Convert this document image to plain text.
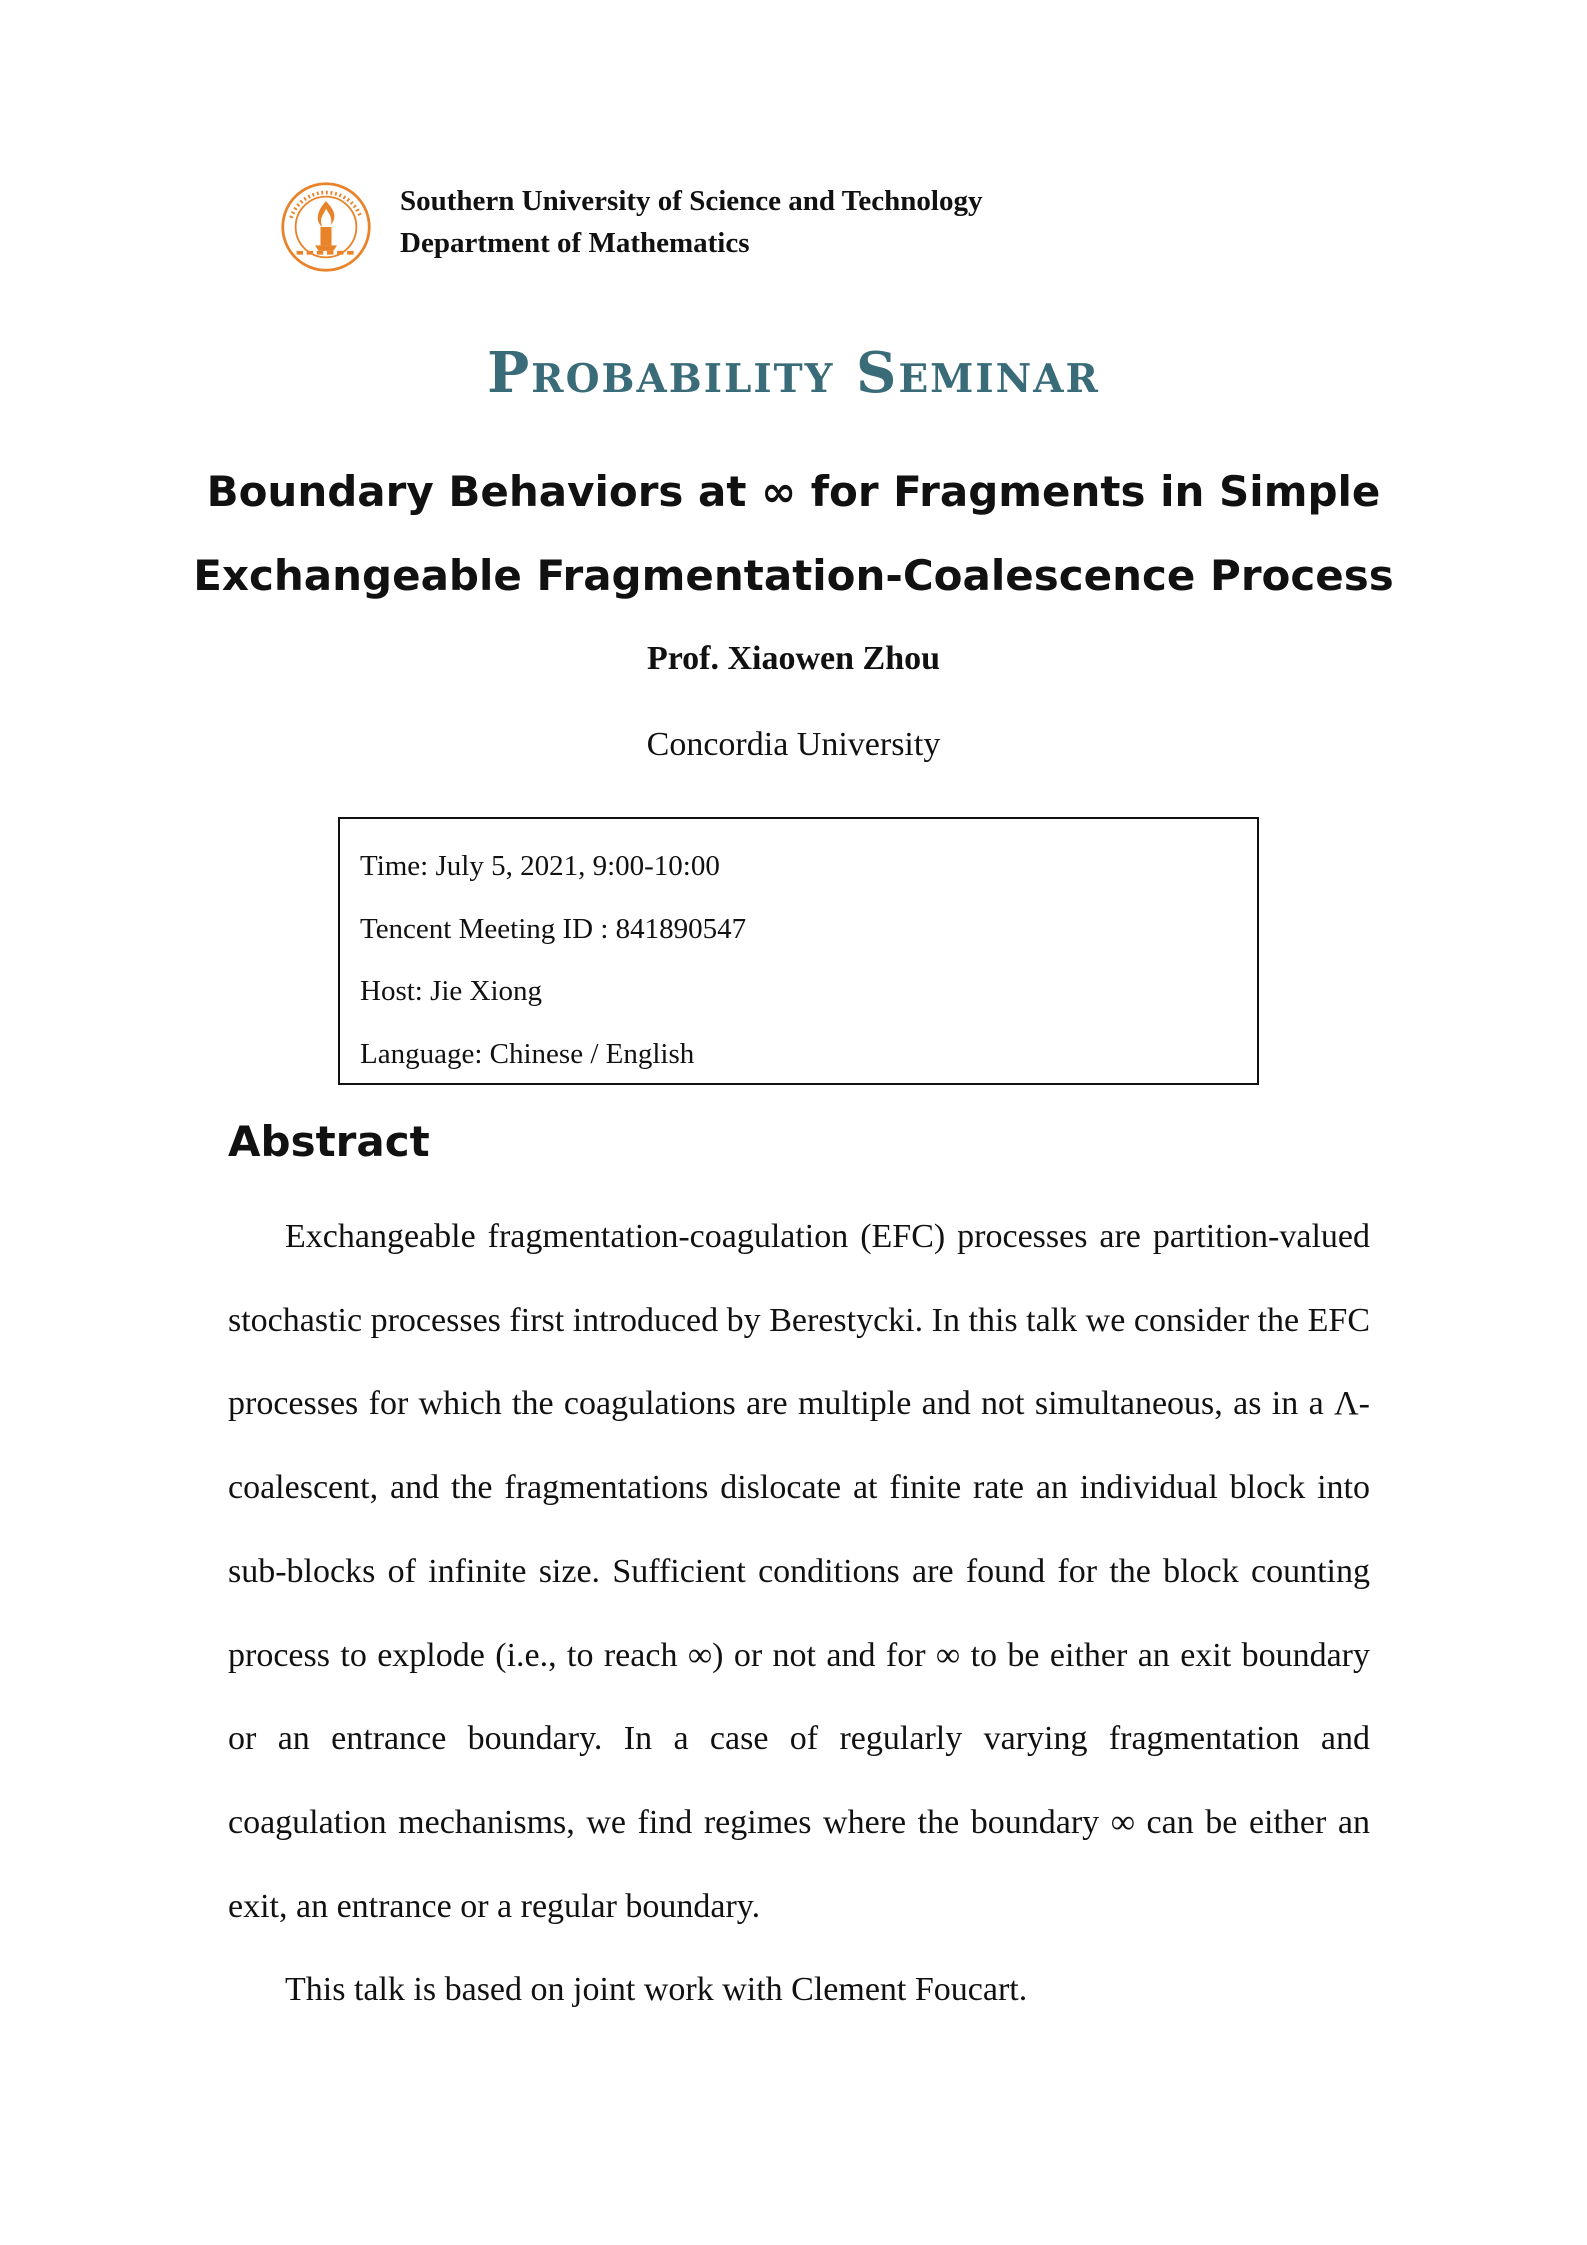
Southern University of Science and Technology
Department of Mathematics
Probability Seminar
Boundary Behaviors at ∞ for Fragments in Simple
Exchangeable Fragmentation-Coalescence Process
Prof. Xiaowen Zhou
Concordia University
Time: July 5, 2021, 9:00-10:00
Tencent Meeting ID : 841890547
Host: Jie Xiong
Language: Chinese / English
Abstract

Exchangeable fragmentation-coagulation (EFC) processes are partition-valued stochastic processes first introduced by Berestycki. In this talk we consider the EFC processes for which the coagulations are multiple and not simultaneous, as in a Λ-coalescent, and the fragmentations dislocate at finite rate an individual block into sub-blocks of infinite size. Sufficient conditions are found for the block counting process to explode (i.e., to reach ∞) or not and for ∞ to be either an exit boundary or an entrance boundary. In a case of regularly varying fragmentation and coagulation mechanisms, we find regimes where the boundary ∞ can be either an exit, an entrance or a regular boundary.

This talk is based on joint work with Clement Foucart.
